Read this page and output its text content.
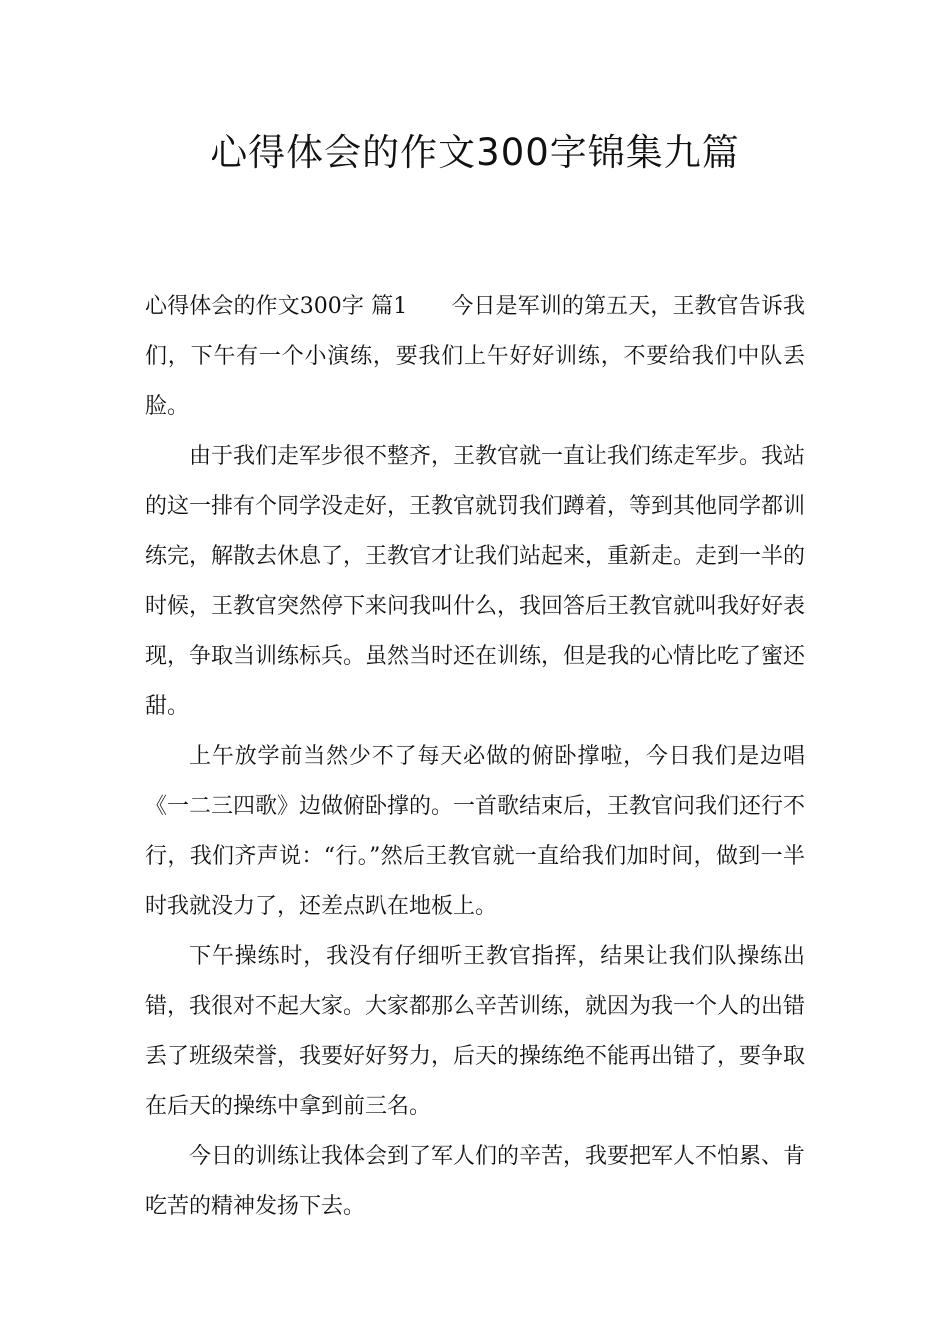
心得体会的作文300字锦集九篇

心得体会的作文300字 篇1 今日是军训的第五天，王教官告诉我们，下午有一个小演练，要我们上午好好训练，不要给我们中队丢脸。

由于我们走军步很不整齐，王教官就一直让我们练走军步。我站的这一排有个同学没走好，王教官就罚我们蹲着，等到其他同学都训练完，解散去休息了，王教官才让我们站起来，重新走。走到一半的时候，王教官突然停下来问我叫什么，我回答后王教官就叫我好好表现，争取当训练标兵。虽然当时还在训练，但是我的心情比吃了蜜还甜。

上午放学前当然少不了每天必做的俯卧撑啦，今日我们是边唱《一二三四歌》边做俯卧撑的。一首歌结束后，王教官问我们还行不行，我们齐声说：“行。”然后王教官就一直给我们加时间，做到一半时我就没力了，还差点趴在地板上。

下午操练时，我没有仔细听王教官指挥，结果让我们队操练出错，我很对不起大家。大家都那么辛苦训练，就因为我一个人的出错丢了班级荣誉，我要好好努力，后天的操练绝不能再出错了，要争取在后天的操练中拿到前三名。

今日的训练让我体会到了军人们的辛苦，我要把军人不怕累、肯吃苦的精神发扬下去。
